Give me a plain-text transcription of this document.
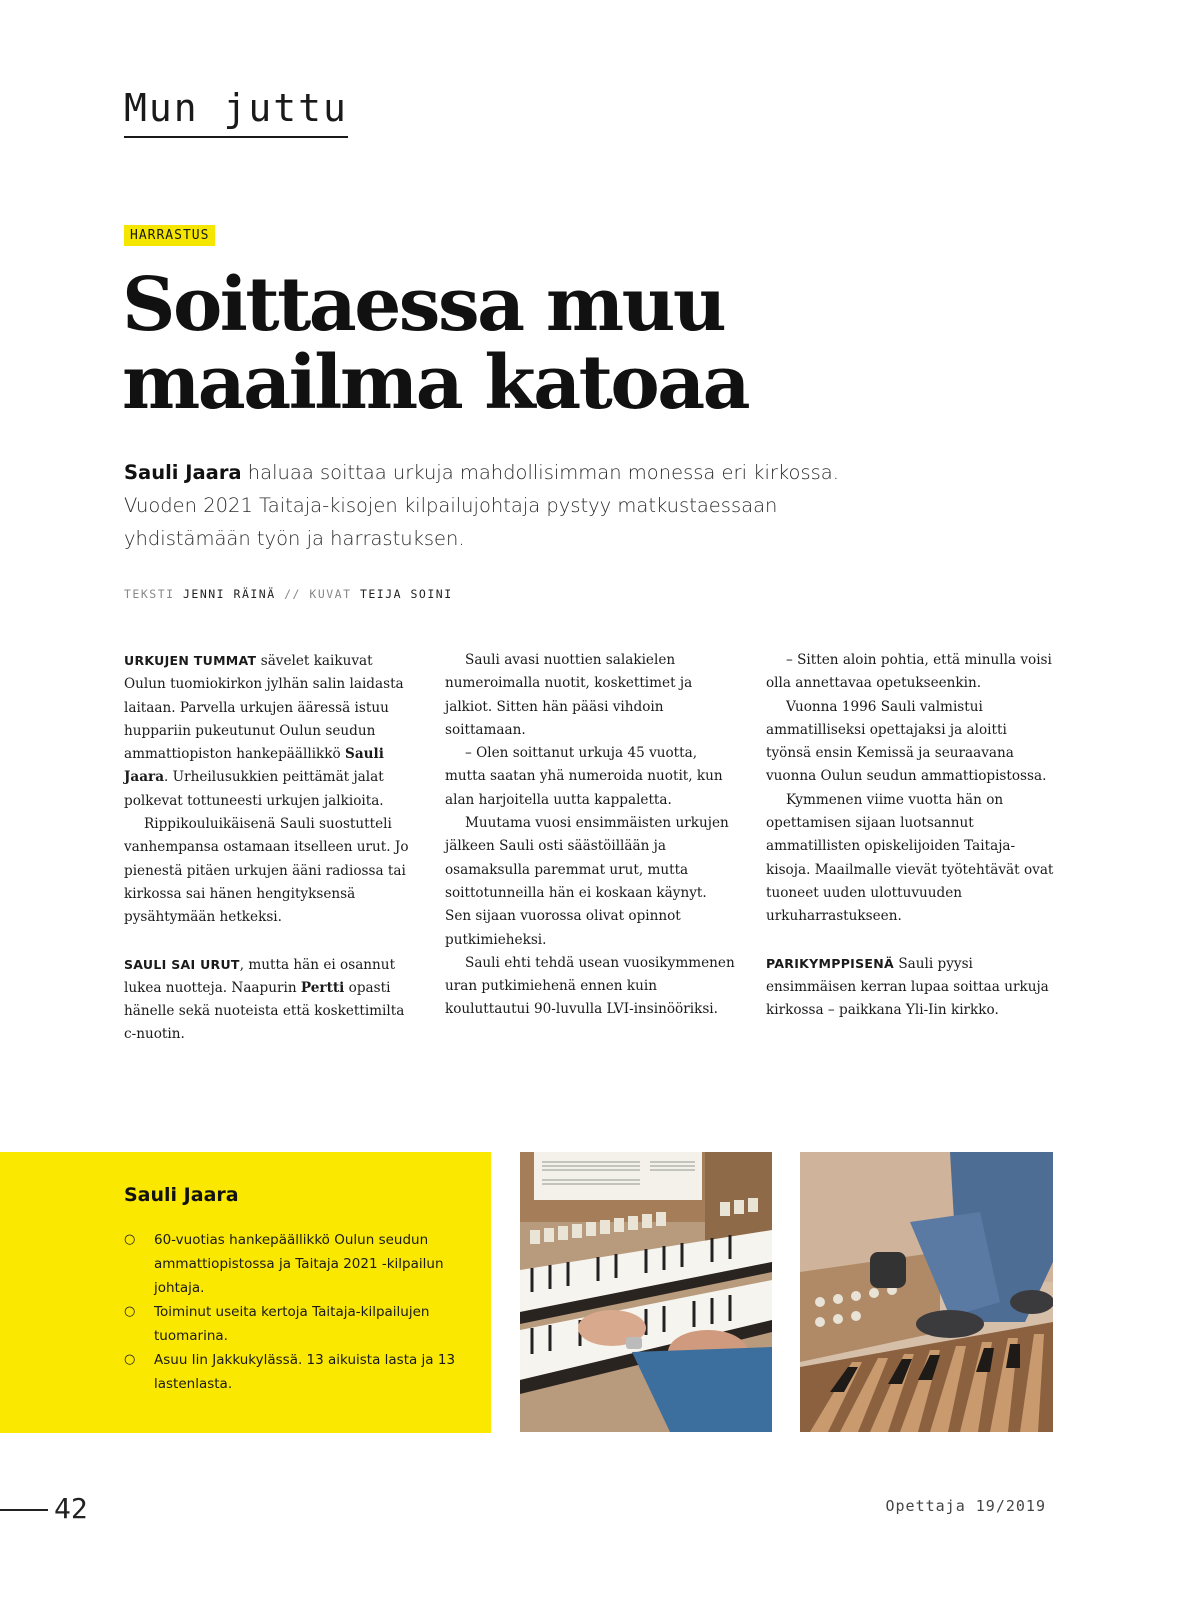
Mun juttu
HARRASTUS
Soittaessa muu
maailma katoaa
Sauli Jaara haluaa soittaa urkuja mahdollisimman monessa eri kirkossa.
Vuoden 2021 Taitaja-kisojen kilpailujohtaja pystyy matkustaessaan
yhdistämään työn ja harrastuksen.
TEKSTI JENNI RÄINÄ // KUVAT TEIJA SOINI

URKUJEN TUMMAT sävelet kaikuvat Oulun tuomiokirkon jylhän salin laidasta laitaan. Parvella urkujen ääressä istuu huppariin pukeutunut Oulun seudun ammattiopiston hankepäällikkö Sauli Jaara. Urheilusukkien peittämät jalat polkevat tottuneesti urkujen jalkioita.

Rippikouluikäisenä Sauli suostutteli vanhempansa ostamaan itselleen urut. Jo pienestä pitäen urkujen ääni radiossa tai kirkossa sai hänen hengityksensä pysähtymään hetkeksi.

SAULI SAI URUT, mutta hän ei osannut lukea nuotteja. Naapurin Pertti opasti hänelle sekä nuoteista että koskettimilta c-nuotin.

Sauli avasi nuottien salakielen numeroimalla nuotit, koskettimet ja jalkiot. Sitten hän pääsi vihdoin soittamaan.

– Olen soittanut urkuja 45 vuotta, mutta saatan yhä numeroida nuotit, kun alan harjoitella uutta kappaletta.

Muutama vuosi ensimmäisten urkujen jälkeen Sauli osti säästöillään ja osamaksulla paremmat urut, mutta soittotunneilla hän ei koskaan käynyt. Sen sijaan vuorossa olivat opinnot putkimieheksi.

Sauli ehti tehdä usean vuosikymmenen uran putkimiehenä ennen kuin kouluttautui 90-luvulla LVI-insinööriksi.

– Sitten aloin pohtia, että minulla voisi olla annettavaa opetukseenkin.

Vuonna 1996 Sauli valmistui ammatilliseksi opettajaksi ja aloitti työnsä ensin Kemissä ja seuraavana vuonna Oulun seudun ammattiopistossa.

Kymmenen viime vuotta hän on opettamisen sijaan luotsannut ammatillisten opiskelijoiden Taitaja-kisoja. Maailmalle vievät työtehtävät ovat tuoneet uuden ulottuvuuden urkuharrastukseen.

PARIKYMPPISENÄ Sauli pyysi ensimmäisen kerran lupaa soittaa urkuja kirkossa – paikkana Yli-Iin kirkko.

Sauli Jaara
○ 60-vuotias hankepäällikkö Oulun seudun ammattiopistossa ja Taitaja 2021 -kilpailun johtaja.
○ Toiminut useita kertoja Taitaja-kilpailujen tuomarina.
○ Asuu Iin Jakkukylässä. 13 aikuista lasta ja 13 lastenlasta.
42	Opettaja 19/2019
